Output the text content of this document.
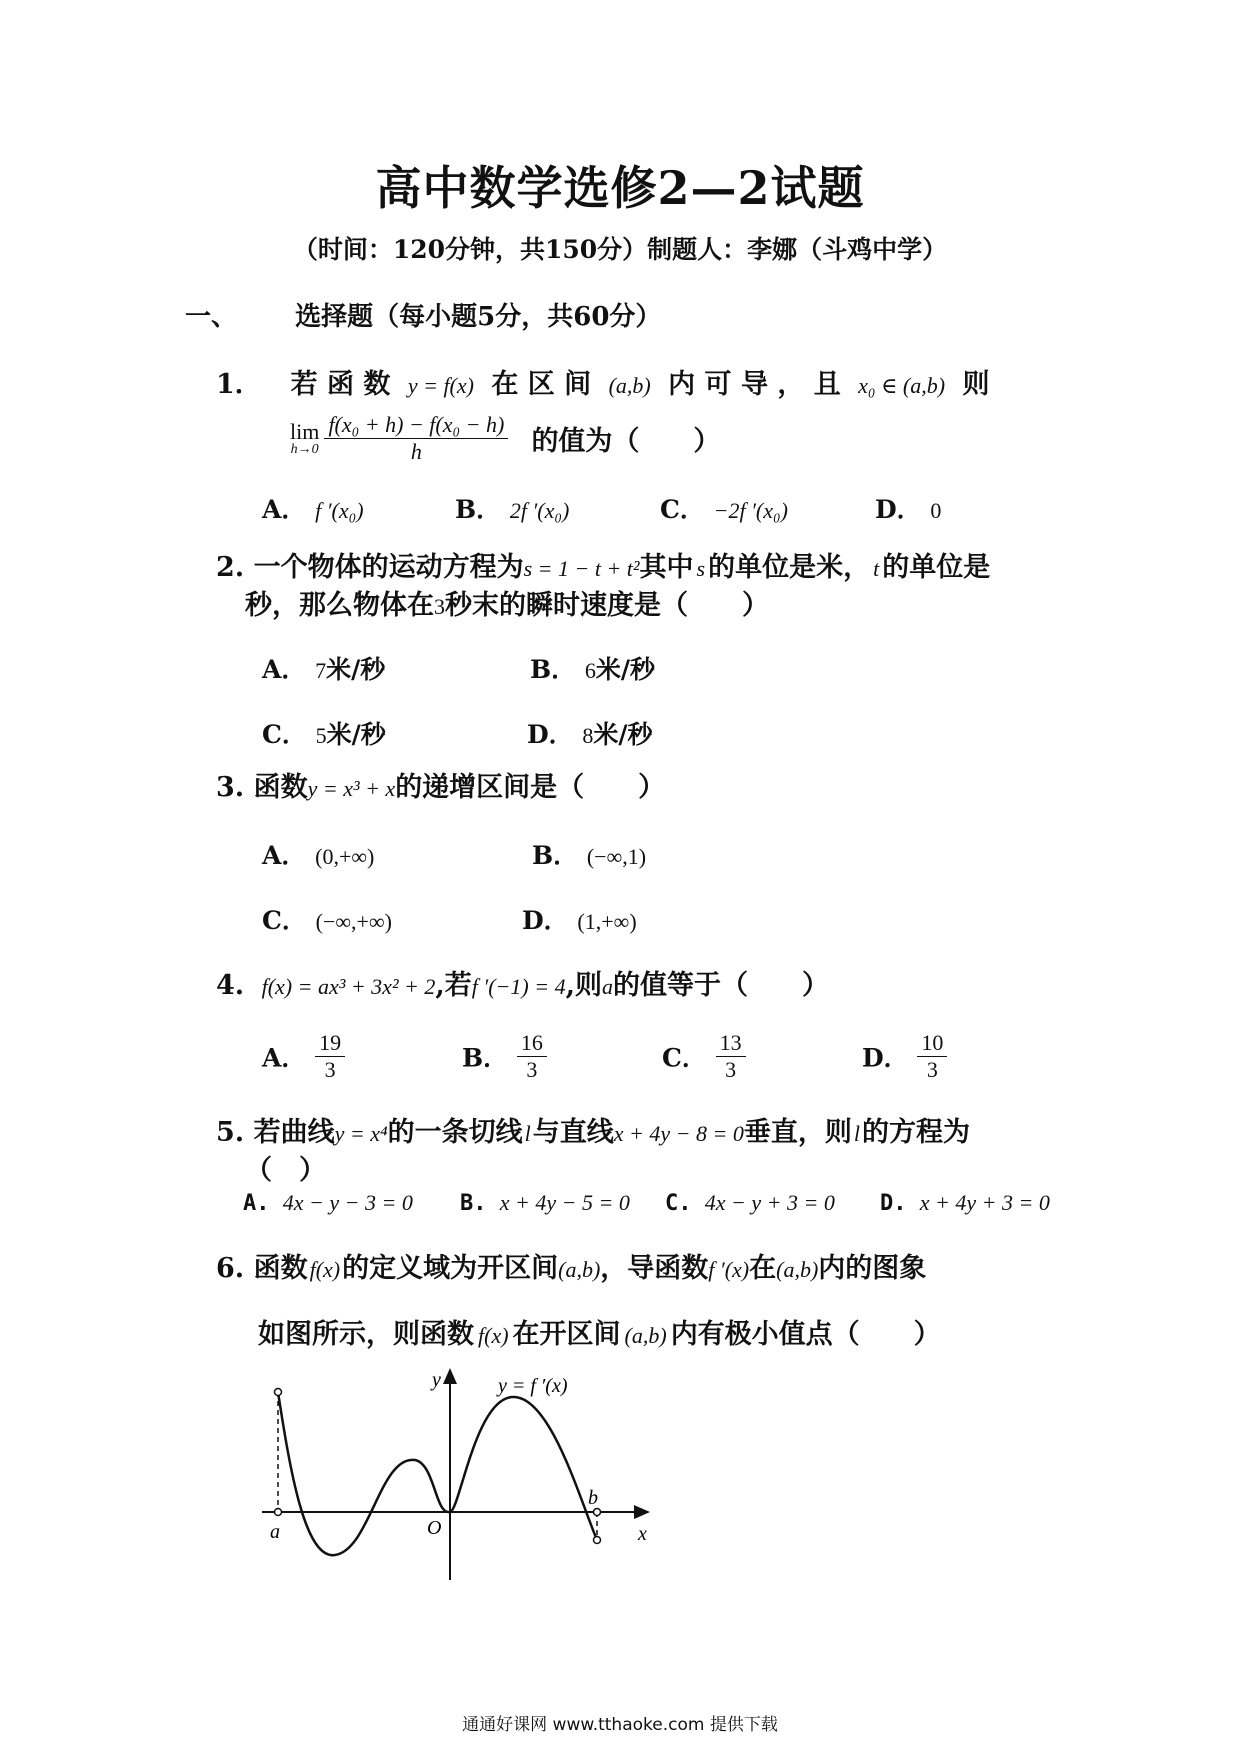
高中数学选修2—2试题
（时间：120分钟，共150分）制题人：李娜（斗鸡中学）
一、 选择题（每小题5分，共60分）
1． 若 函 数 y = f(x) 在 区 间 (a,b) 内 可 导 ， 且 x₀ ∈ (a,b) 则
lim
h→0
$\frac{\text{f(x₀ + h) − f(x₀ − h)}}{h}$ 的值为（　　）
A． f ′(x₀)	B． 2f ′(x₀)	C． −2f ′(x₀)	D． 0
2. 一个物体的运动方程为s = 1 − t + t²其中 s 的单位是米， t 的单位是
秒，那么物体在3秒末的瞬时速度是（　　）
A． 7米/秒	B． 6米/秒
C． 5米/秒	D． 8米/秒
3. 函数y = x³ + x的递增区间是（　　）
A． (0,+∞)	B． (−∞,1)
C． (−∞,+∞)	D． (1,+∞)
4. f(x) = ax³ + 3x² + 2,若f ′(−1) = 4,则a的值等于（　　）
A． $\frac{19}{3}$	B． $\frac{16}{3}$	C． $\frac{13}{3}$	D． $\frac{10}{3}$
5. 若曲线y = x⁴的一条切线l与直线x + 4y − 8 = 0垂直，则l的方程为
（　）
A. 4x − y − 3 = 0 B. x + 4y − 5 = 0 C. 4x − y + 3 = 0 D. x + 4y + 3 = 0
6. 函数f(x)的定义域为开区间(a,b)，导函数f ′(x)在(a,b)内的图象
如图所示，则函数 f(x) 在开区间 (a,b) 内有极小值点（　　）
y	y = f ′(x)
a	O
b
x
通通好课网 www.tthaoke.com 提供下载
